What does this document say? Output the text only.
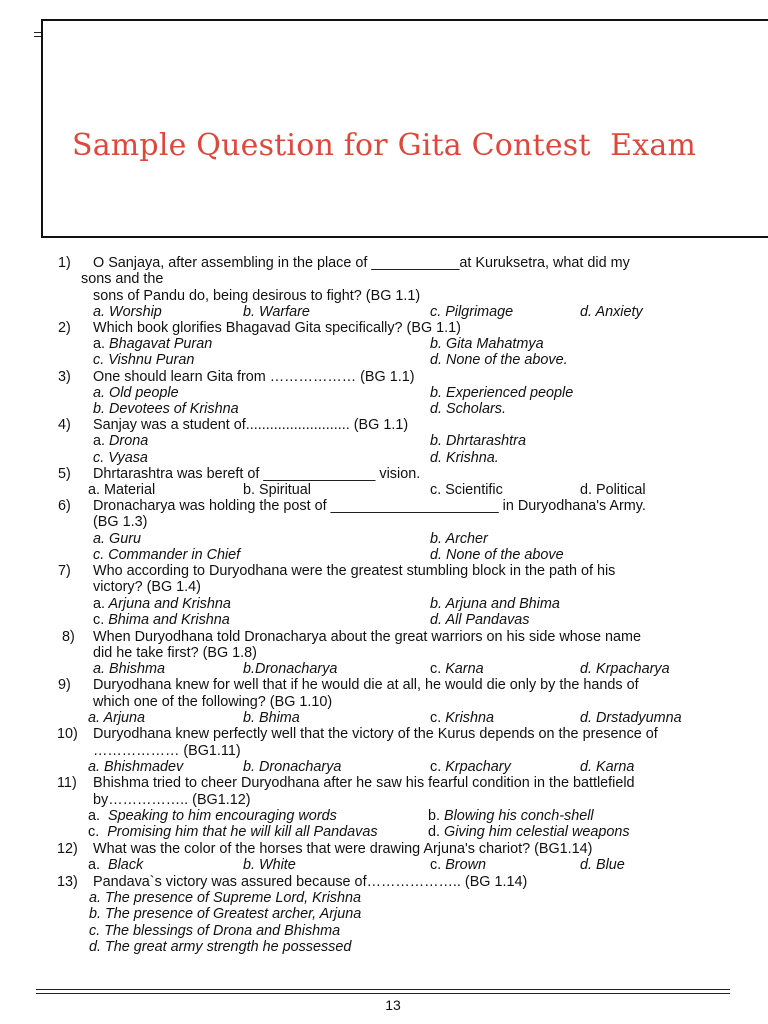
Sample Question for Gita Contest  Exam
1) O Sanjaya, after assembling in the place of ___________at Kuruksetra, what did my
sons and the
sons of Pandu do, being desirous to fight? (BG 1.1)
a. Worship	b. Warfare	c. Pilgrimage	d. Anxiety
2) Which book glorifies Bhagavad Gita specifically? (BG 1.1)
a. Bhagavat Puran	b. Gita Mahatmya
c. Vishnu Puran	d. None of the above.
3) One should learn Gita from ……………… (BG 1.1)
a. Old people	b. Experienced people
b. Devotees of Krishna	d. Scholars.
4) Sanjay was a student of.......................... (BG 1.1)
a. Drona	b. Dhrtarashtra
c. Vyasa	d. Krishna.
5) Dhrtarashtra was bereft of ______________ vision.
a. Material	b. Spiritual	c. Scientific	d. Political
6) Dronacharya was holding the post of _____________________ in Duryodhana's Army.
(BG 1.3)
a. Guru	b. Archer
c. Commander in Chief	d. None of the above
7) Who according to Duryodhana were the greatest stumbling block in the path of his
victory? (BG 1.4)
a. Arjuna and Krishna	b. Arjuna and Bhima
c. Bhima and Krishna	d. All Pandavas
8) When Duryodhana told Dronacharya about the great warriors on his side whose name
did he take first? (BG 1.8)
a. Bhishma	b.Dronacharya	c. Karna	d. Krpacharya
9) Duryodhana knew for well that if he would die at all, he would die only by the hands of
which one of the following? (BG 1.10)
a. Arjuna	b. Bhima	c. Krishna	d. Drstadyumna
10) Duryodhana knew perfectly well that the victory of the Kurus depends on the presence of
……………… (BG1.11)
a. Bhishmadev	b. Dronacharya	c. Krpachary	d. Karna
11) Bhishma tried to cheer Duryodhana after he saw his fearful condition in the battlefield
by…………….. (BG1.12)
a. Speaking to him encouraging words	b. Blowing his conch-shell
c. Promising him that he will kill all Pandavas	d. Giving him celestial weapons
12) What was the color of the horses that were drawing Arjuna's chariot? (BG1.14)
a. Black	b. White	c. Brown	d. Blue
13) Pandava`s victory was assured because of……………….. (BG 1.14)
a. The presence of Supreme Lord, Krishna
b. The presence of Greatest archer, Arjuna
c. The blessings of Drona and Bhishma
d. The great army strength he possessed
13
